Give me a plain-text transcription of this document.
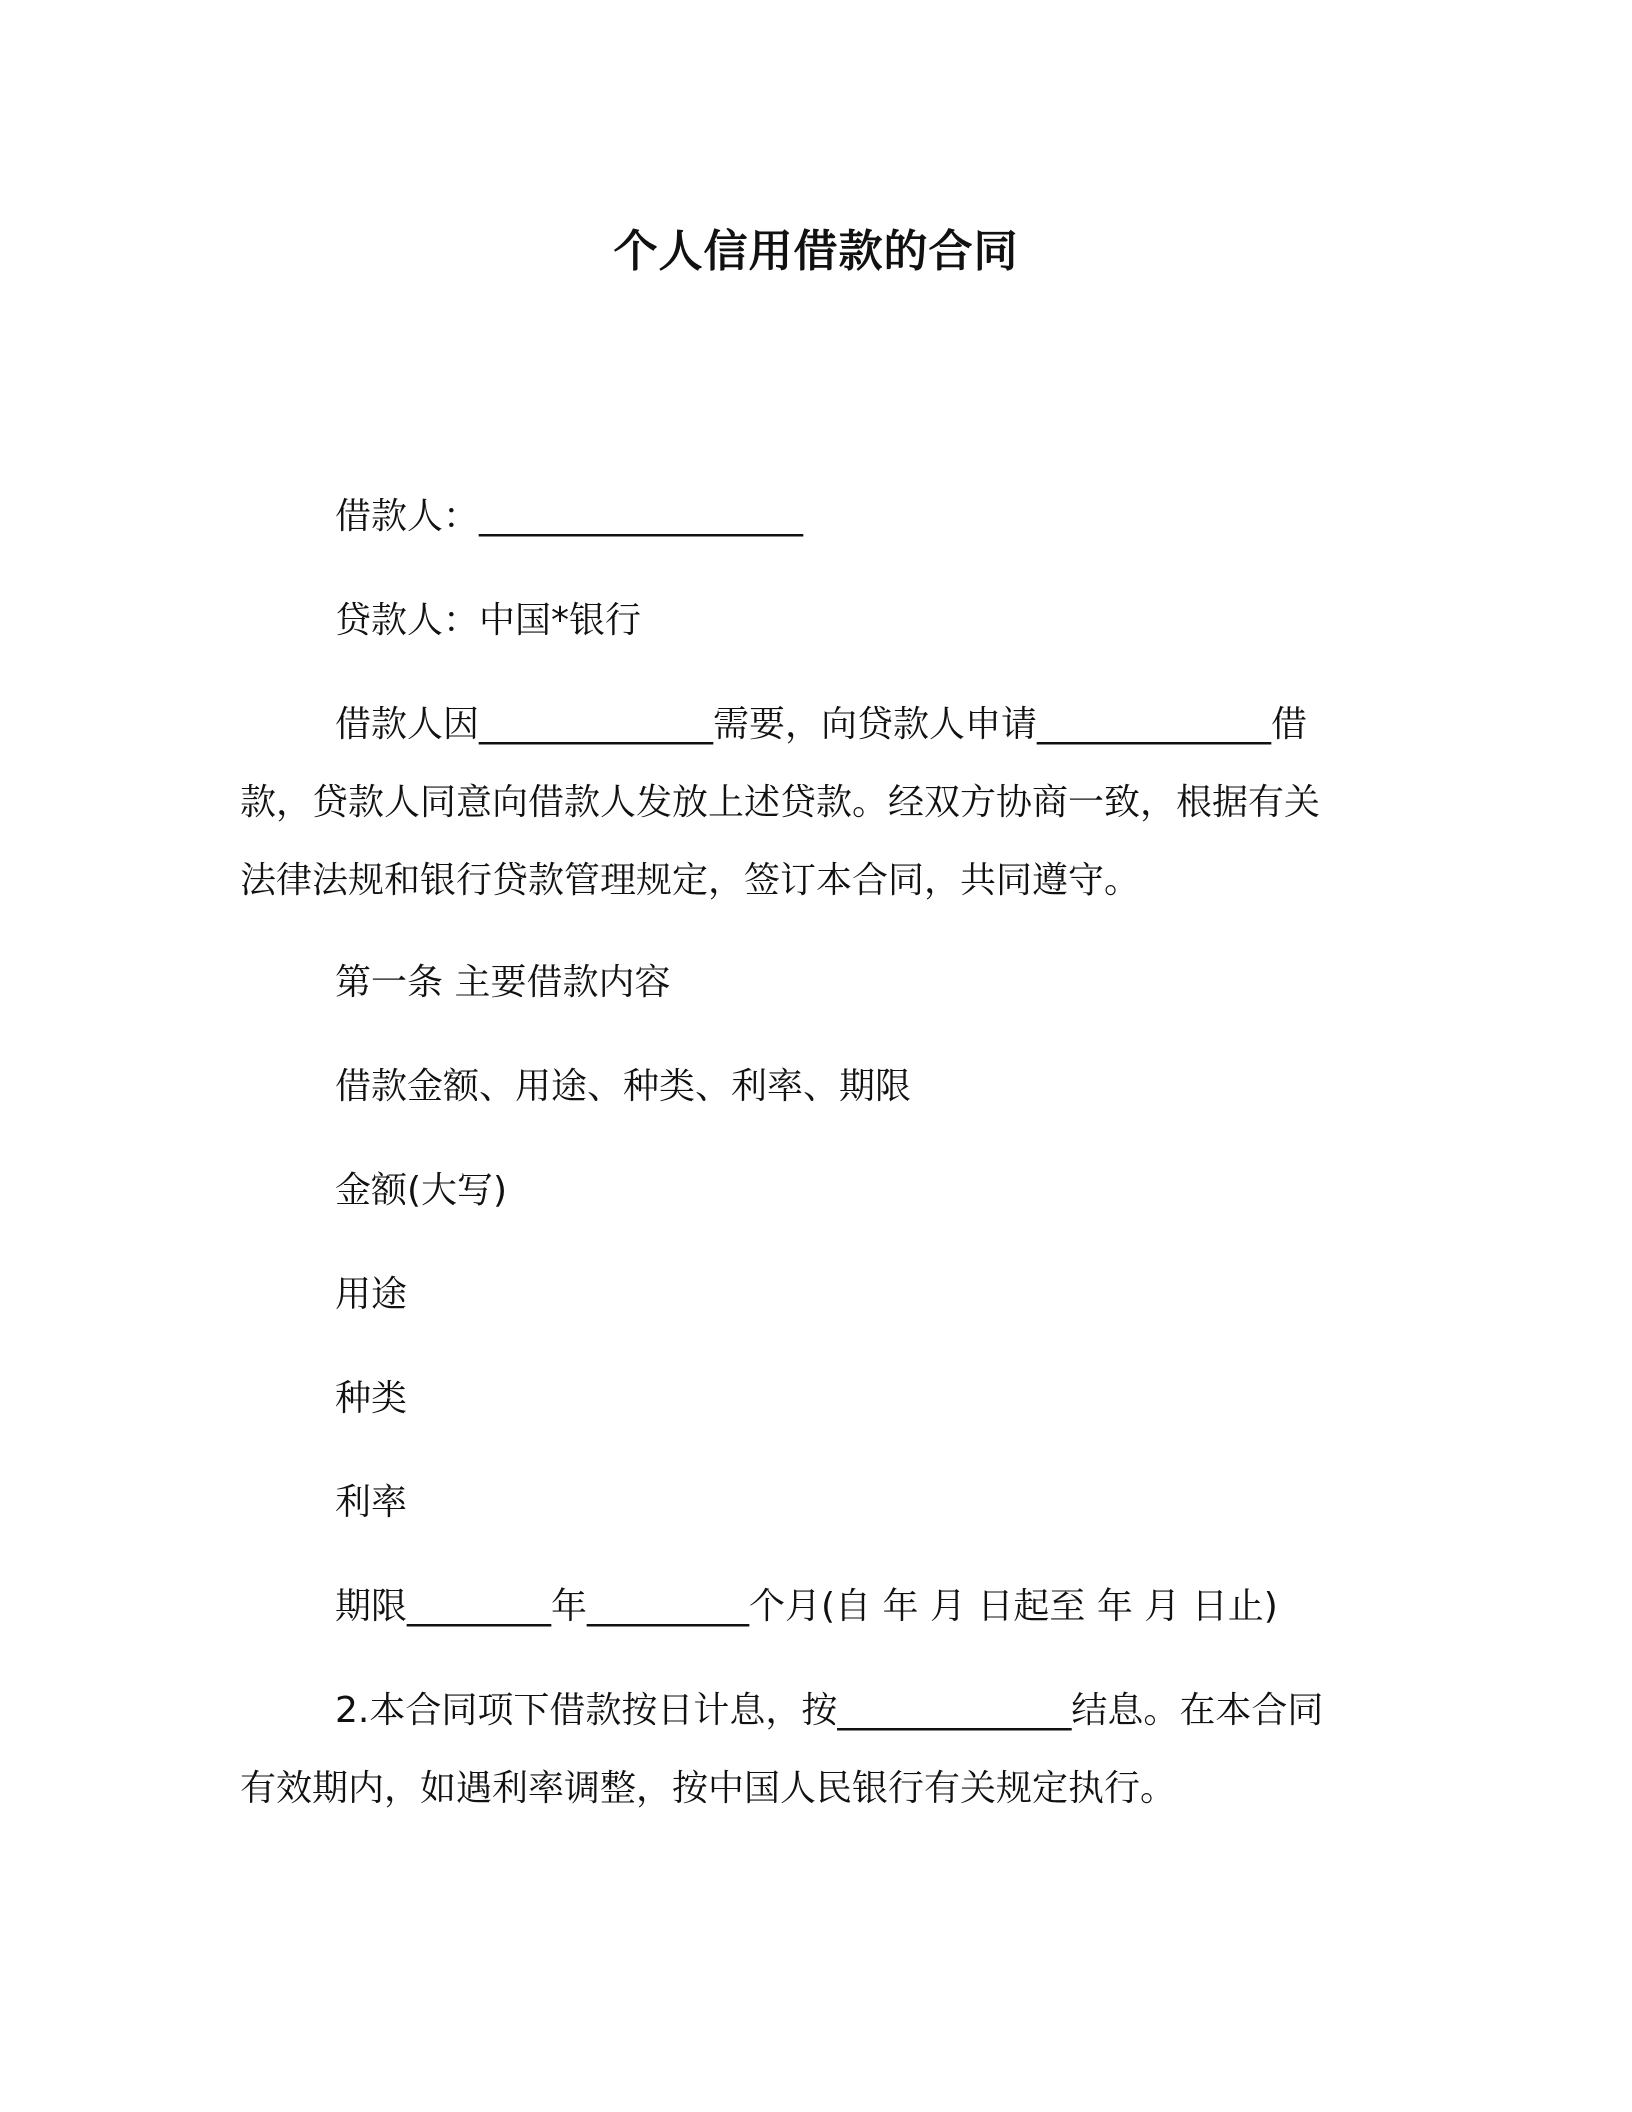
个人信用借款的合同
借款人：__________________
贷款人：中国*银行
借款人因_____________需要，向贷款人申请_____________借
款，贷款人同意向借款人发放上述贷款。经双方协商一致，根据有关
法律法规和银行贷款管理规定，签订本合同，共同遵守。
第一条 主要借款内容
借款金额、用途、种类、利率、期限
金额(大写)
用途
种类
利率
期限________年_________个月(自 年 月 日起至 年 月 日止)
2.本合同项下借款按日计息，按_____________结息。在本合同
有效期内，如遇利率调整，按中国人民银行有关规定执行。
